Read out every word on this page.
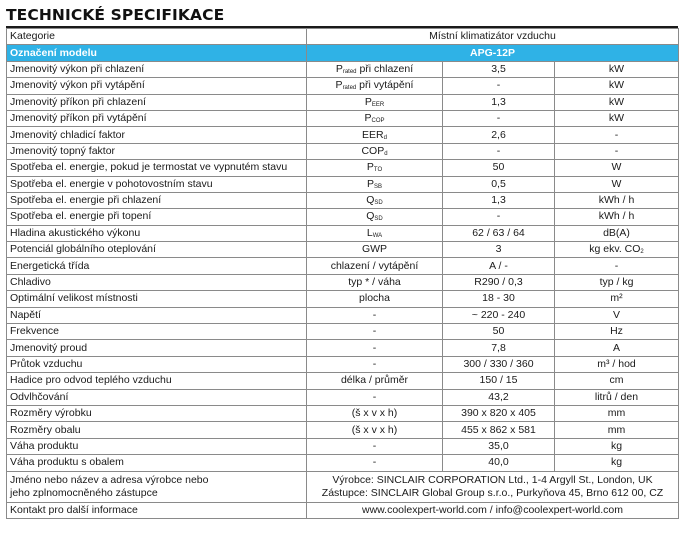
TECHNICKÉ SPECIFIKACE
Kategorie	Místní klimatizátor vzduchu		
Označení modelu	APG-12P		
Jmenovitý výkon při chlazení	$P_{rated}$ při chlazení	3,5	kW
Jmenovitý výkon při vytápění	$P_{rated}$ při vytápění	-	kW
Jmenovitý příkon při chlazení	$P_{EER}$	1,3	kW
Jmenovitý příkon při vytápění	$P_{COP}$	-	kW
Jmenovitý chladicí faktor	$EER_d$	2,6	-
Jmenovitý topný faktor	$COP_d$	-	-
Spotřeba el. energie, pokud je termostat ve vypnutém stavu	$P_{TO}$	50	W
Spotřeba el. energie v pohotovostním stavu	$P_{SB}$	0,5	W
Spotřeba el. energie při chlazení	$Q_{SD}$	1,3	kWh / h
Spotřeba el. energie při topení	$Q_{SD}$	-	kWh / h
Hladina akustického výkonu	$L_{WA}$	62 / 63 / 64	dB(A)
Potenciál globálního oteplování	GWP	3	kg ekv. $CO_2$
Energetická třída	chlazení / vytápění	A / -	-
Chladivo	typ * / váha	R290 / 0,3	typ / kg
Optimální velikost místnosti	plocha	18 - 30	m²
Napětí	-	~ 220 - 240	V
Frekvence	-	50	Hz
Jmenovitý proud	-	7,8	A
Průtok vzduchu	-	300 / 330 / 360	m³ / hod
Hadice pro odvod teplého vzduchu	délka / průměr	150 / 15	cm
Odvlhčování	-	43,2	litrů / den
Rozměry výrobku	(š x v x h)	390 x 820 x 405	mm
Rozměry obalu	(š x v x h)	455 x 862 x 581	mm
Váha produktu	-	35,0	kg
Váha produktu s obalem	-	40,0	kg

Jméno nebo název a adresa výrobce nebo
jeho zplnomocněného zástupce	Výrobce: SINCLAIR CORPORATION Ltd., 1-4 Argyll St., London, UK
Zástupce: SINCLAIR Global Group s.r.o., Purkyňova 45, Brno 612 00, CZ		

Kontakt pro další informace	www.coolexpert-world.com / info@coolexpert-world.com		
